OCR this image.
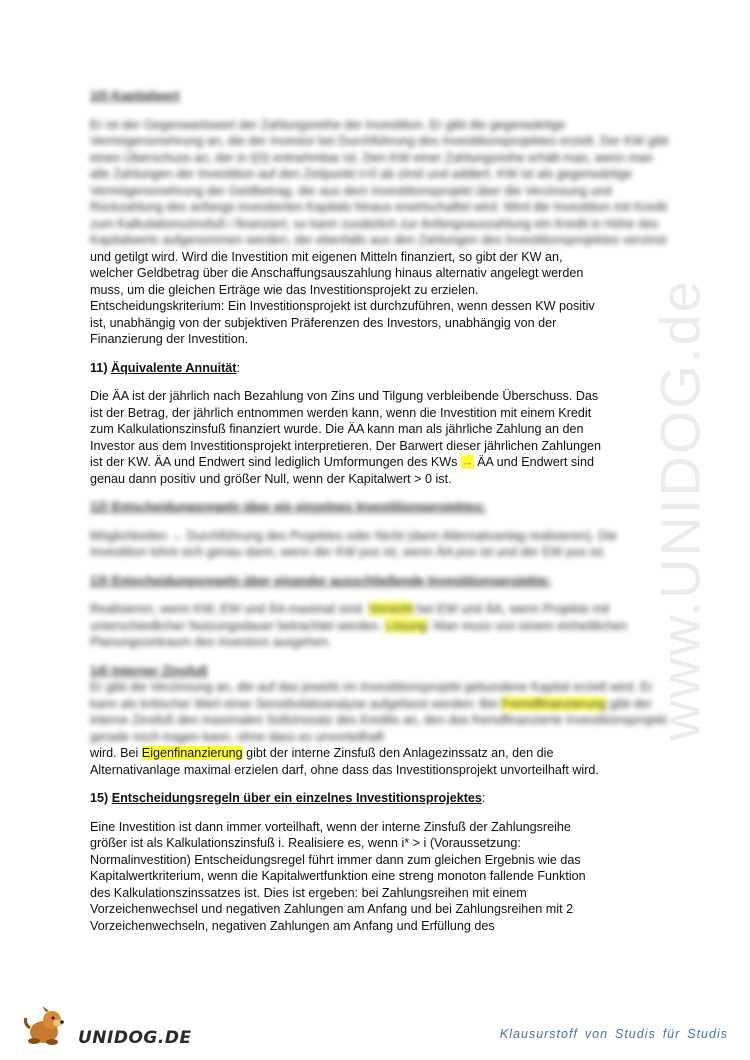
www.UNIDOG.de

10) Kapitalwert

Er ist der Gegenwartswert der Zahlungsreihe der Investition. Er gibt die gegenwärtige Vermögensmehrung an, die der Investor bei Durchführung des Investitionsprojektes erzielt. Der KW gibt einen Überschuss an, der in t(0) entnehmbar ist. Den KW einer Zahlungsreihe erhält man, wenn man alle Zahlungen der Investition auf den Zeitpunkt t=0 ab zinst und addiert. KW ist als gegenwärtige Vermögensmehrung der Geldbetrag, der aus dem Investitionsprojekt über die Verzinsung und Rückzahlung des anfangs investierten Kapitals hinaus erwirtschaftet wird. Wird die Investition mit Kredit zum Kalkulationszinsfuß i finanziert, so kann zusätzlich zur Anfangsauszahlung ein Kredit in Höhe des Kapitalwerts aufgenommen werden, der ebenfalls aus den Zahlungen des Investitionsprojektes verzinst

und getilgt wird. Wird die Investition mit eigenen Mitteln finanziert, so gibt der KW an,

welcher Geldbetrag über die Anschaffungsauszahlung hinaus alternativ angelegt werden

muss, um die gleichen Erträge wie das Investitionsprojekt zu erzielen.

Entscheidungskriterium: Ein Investitionsprojekt ist durchzuführen, wenn dessen KW positiv

ist, unabhängig von der subjektiven Präferenzen des Investors, unabhängig von der

Finanzierung der Investition.

11) Äquivalente Annuität:

Die ÄA ist der jährlich nach Bezahlung von Zins und Tilgung verbleibende Überschuss. Das

ist der Betrag, der jährlich entnommen werden kann, wenn die Investition mit einem Kredit

zum Kalkulationszinsfuß finanziert wurde. Die ÄA kann man als jährliche Zahlung an den

Investor aus dem Investitionsprojekt interpretieren. Der Barwert dieser jährlichen Zahlungen

ist der KW. ÄA und Endwert sind lediglich Umformungen des KWs → ÄA und Endwert sind

genau dann positiv und größer Null, wenn der Kapitalwert > 0 ist.

12) Entscheidungsregeln über ein einzelnes Investitionsprojektes:

Möglichkeiten → Durchführung des Projektes oder Nicht (dann Alternativanlag realisieren). Die Investition lohnt sich genau dann, wenn der KW pos ist, wenn ÄA pos ist und der EW pos ist.

13) Entscheidungsregeln über einander ausschließende Investitionsprojekte:

Realisieren, wenn KW, EW und ÄA maximal sind. Vorsicht bei EW und ÄA, wenn Projekte mit unterschiedlicher Nutzungsdauer betrachtet werden. Lösung: Man muss von einem einheitlichen Planungszeitraum des Investors ausgehen.

14) Interner Zinsfuß

Er gibt die Verzinsung an, die auf das jeweils im Investitionsprojekt gebundene Kapital erzielt wird. Er kann als kritischer Wert einer Sensitivitätsanalyse aufgefasst werden: Bei Fremdfinanzierung gibt der interne Zinsfuß den maximalen Sollzinssatz des Kredits an, den das fremdfinanzierte Investitionsprojekt gerade noch tragen kann, ohne dass es unvorteilhaft

wird. Bei Eigenfinanzierung gibt der interne Zinsfuß den Anlagezinssatz an, den die

Alternativanlage maximal erzielen darf, ohne dass das Investitionsprojekt unvorteilhaft wird.

15) Entscheidungsregeln über ein einzelnes Investitionsprojektes:

Eine Investition ist dann immer vorteilhaft, wenn der interne Zinsfuß der Zahlungsreihe

größer ist als Kalkulationszinsfuß i. Realisiere es, wenn i* > i (Voraussetzung:

Normalinvestition) Entscheidungsregel führt immer dann zum gleichen Ergebnis wie das

Kapitalwertkriterium, wenn die Kapitalwertfunktion eine streng monoton fallende Funktion

des Kalkulationszinssatzes ist. Dies ist ergeben: bei Zahlungsreihen mit einem

Vorzeichenwechsel und negativen Zahlungen am Anfang und bei Zahlungsreihen mit 2

Vorzeichenwechseln, negativen Zahlungen am Anfang und Erfüllung des

UNIDOG.DE	Klausurstoff von Studis für Studis
